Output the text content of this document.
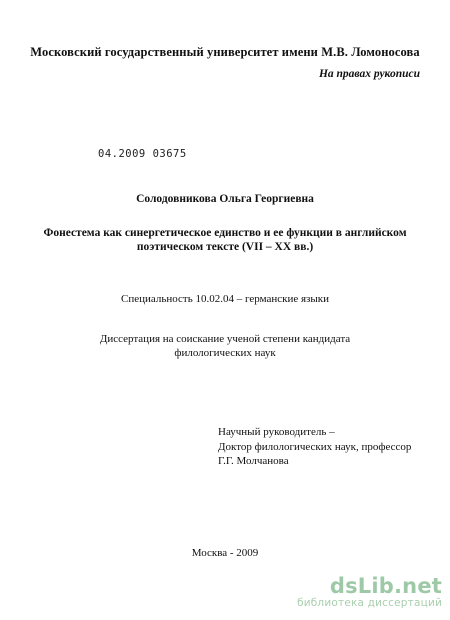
Московский государственный университет имени М.В. Ломоносова
На правах рукописи
04.2009 03675
Солодовникова Ольга Георгиевна
Фонестема как синергетическое единство и ее функции в английском
поэтическом тексте (VII – XX вв.)
Специальность 10.02.04 – германские языки
Диссертация на соискание ученой степени кандидата
филологических наук
Научный руководитель –
Доктор филологических наук, профессор
Г.Г. Молчанова
Москва - 2009
dsLib.net
библиотека диссертаций
